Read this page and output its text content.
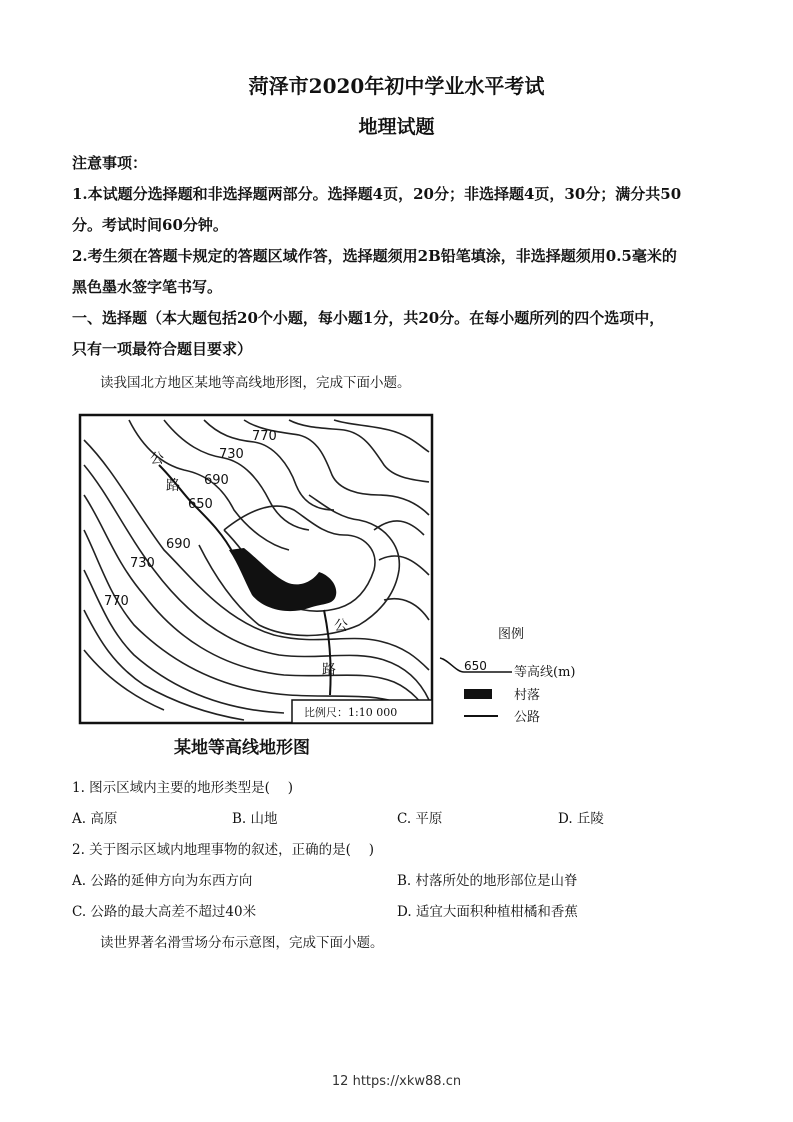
菏泽市2020年初中学业水平考试
地理试题
注意事项：
1.本试题分选择题和非选择题两部分。选择题4页，20分；非选择题4页，30分；满分共50
分。考试时间60分钟。
2.考生须在答题卡规定的答题区域作答，选择题须用2B铅笔填涂，非选择题须用0.5毫米的
黑色墨水签字笔书写。
一、选择题（本大题包括20个小题，每小题1分，共20分。在每小题所列的四个选项中，
只有一项最符合题目要求）
读我国北方地区某地等高线地形图，完成下面小题。
770
730
690
650
690
730
770
公
路
公
路
比例尺：1:10 000
图例
650 等高线(m)
村落
公路
某地等高线地形图
1. 图示区域内主要的地形类型是(　 )
A. 高原	B. 山地	C. 平原	D. 丘陵
2. 关于图示区域内地理事物的叙述，正确的是(　 )
A. 公路的延伸方向为东西方向	B. 村落所处的地形部位是山脊
C. 公路的最大高差不超过40米	D. 适宜大面积种植柑橘和香蕉
读世界著名滑雪场分布示意图，完成下面小题。
12 https://xkw88.cn
